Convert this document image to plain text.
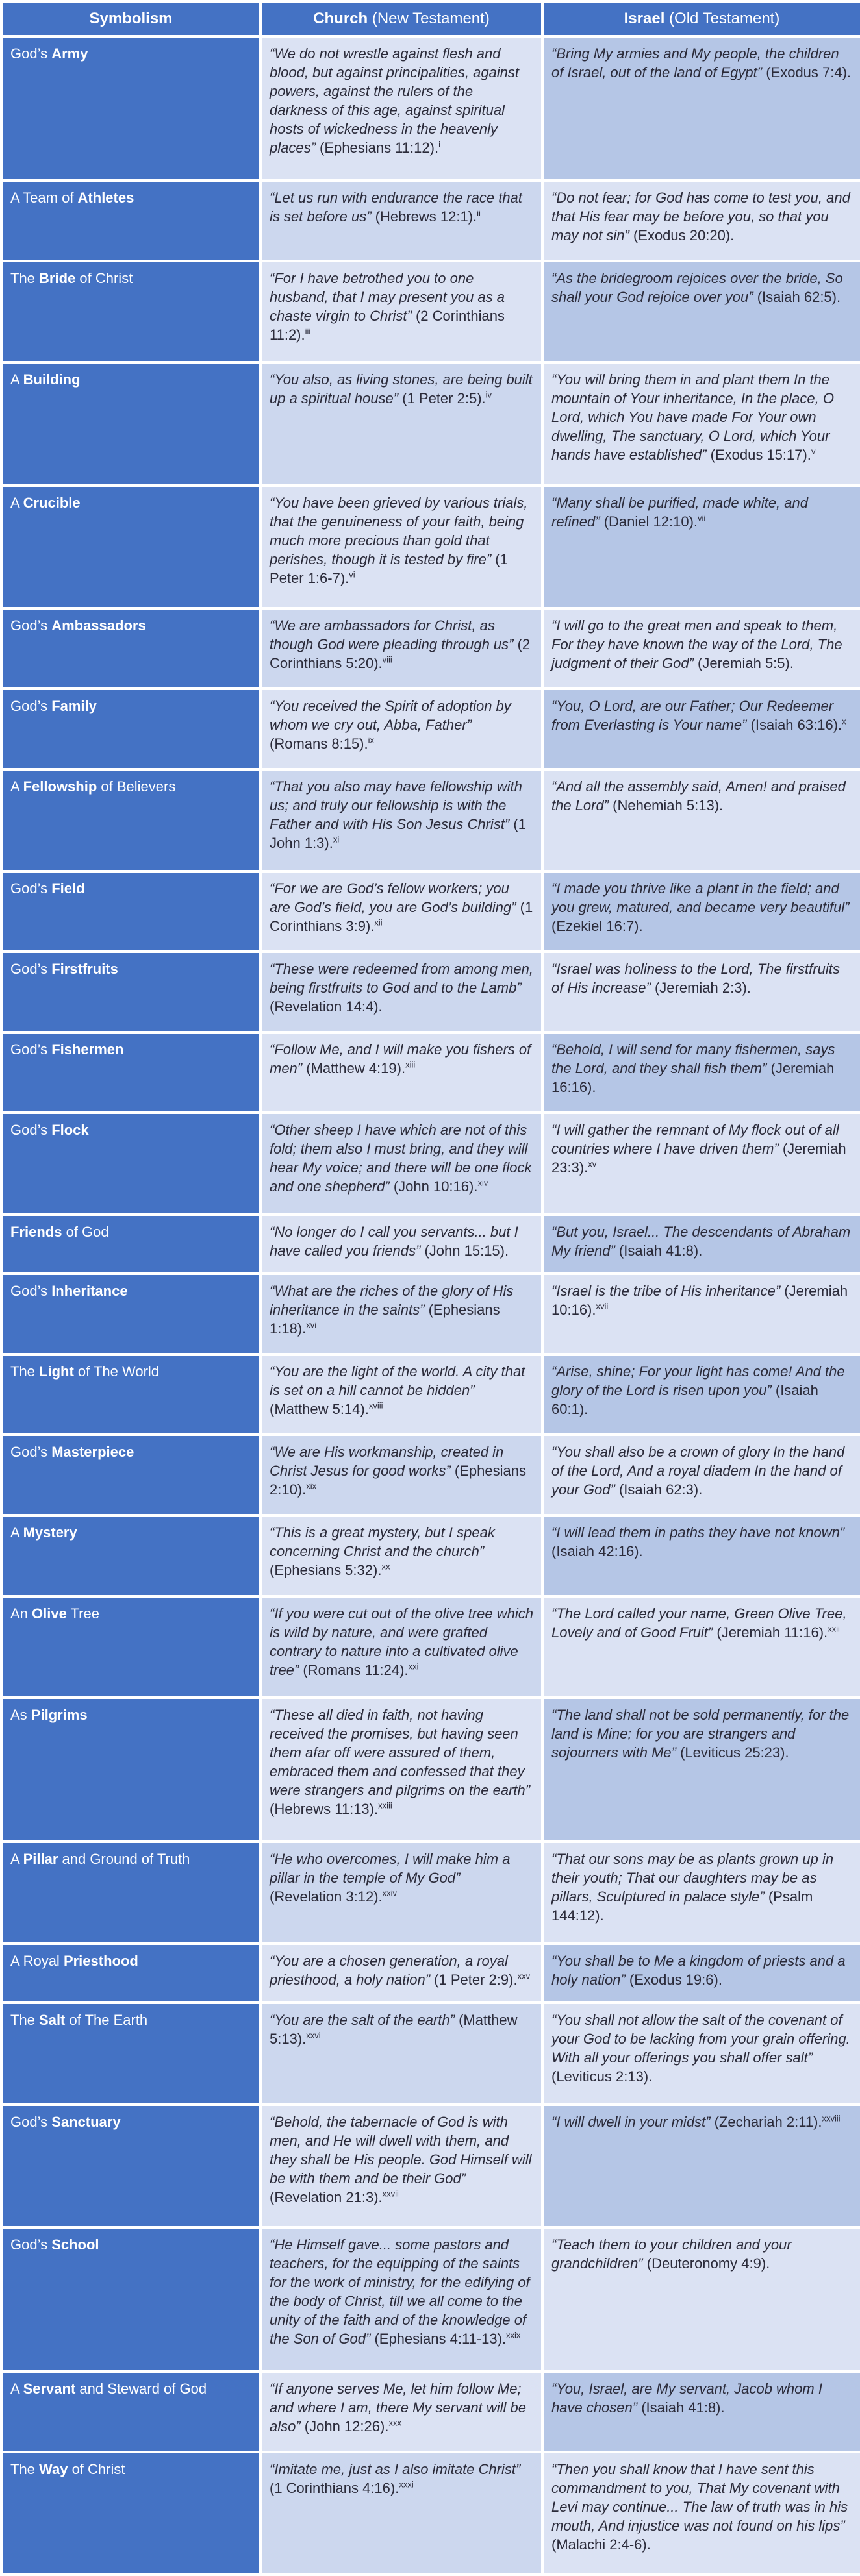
Symbolism	Church (New Testament)	Israel (Old Testament)
God’s Army	“We do not wrestle against flesh and blood, but against principalities, against powers, against the rulers of the darkness of this age, against spiritual hosts of wickedness in the heavenly places” (Ephesians 11:12).$^i$	“Bring My armies and My people, the children of Israel, out of the land of Egypt” (Exodus 7:4).
A Team of Athletes	“Let us run with endurance the race that is set before us” (Hebrews 12:1).$^{ii}$	“Do not fear; for God has come to test you, and that His fear may be before you, so that you may not sin” (Exodus 20:20).
The Bride of Christ	“For I have betrothed you to one husband, that I may present you as a chaste virgin to Christ” (2 Corinthians 11:2).$^{iii}$	“As the bridegroom rejoices over the bride, So shall your God rejoice over you” (Isaiah 62:5).
A Building	“You also, as living stones, are being built up a spiritual house” (1 Peter 2:5).$^{iv}$	“You will bring them in and plant them In the mountain of Your inheritance, In the place, O Lord, which You have made For Your own dwelling, The sanctuary, O Lord, which Your hands have established” (Exodus 15:17).$^v$
A Crucible	“You have been grieved by various trials, that the genuineness of your faith, being much more precious than gold that perishes, though it is tested by fire” (1 Peter 1:6-7).$^{vi}$	“Many shall be purified, made white, and refined” (Daniel 12:10).$^{vii}$
God’s Ambassadors	“We are ambassadors for Christ, as though God were pleading through us” (2 Corinthians 5:20).$^{viii}$	“I will go to the great men and speak to them, For they have known the way of the Lord, The judgment of their God” (Jeremiah 5:5).
God’s Family	“You received the Spirit of adoption by whom we cry out, Abba, Father” (Romans 8:15).$^{ix}$	“You, O Lord, are our Father; Our Redeemer from Everlasting is Your name” (Isaiah 63:16).$^x$
A Fellowship of Believers	“That you also may have fellowship with us; and truly our fellowship is with the Father and with His Son Jesus Christ” (1 John 1:3).$^{xi}$	“And all the assembly said, Amen! and praised the Lord” (Nehemiah 5:13).
God’s Field	“For we are God’s fellow workers; you are God’s field, you are God’s building” (1 Corinthians 3:9).$^{xii}$	“I made you thrive like a plant in the field; and you grew, matured, and became very beautiful” (Ezekiel 16:7).
God’s Firstfruits	“These were redeemed from among men, being firstfruits to God and to the Lamb” (Revelation 14:4).	“Israel was holiness to the Lord, The firstfruits of His increase” (Jeremiah 2:3).
God’s Fishermen	“Follow Me, and I will make you fishers of men” (Matthew 4:19).$^{xiii}$	“Behold, I will send for many fishermen, says the Lord, and they shall fish them” (Jeremiah 16:16).
God’s Flock	“Other sheep I have which are not of this fold; them also I must bring, and they will hear My voice; and there will be one flock and one shepherd” (John 10:16).$^{xiv}$	“I will gather the remnant of My flock out of all countries where I have driven them” (Jeremiah 23:3).$^{xv}$
Friends of God	“No longer do I call you servants... but I have called you friends” (John 15:15).	“But you, Israel... The descendants of Abraham My friend” (Isaiah 41:8).
God’s Inheritance	“What are the riches of the glory of His inheritance in the saints” (Ephesians 1:18).$^{xvi}$	“Israel is the tribe of His inheritance” (Jeremiah 10:16).$^{xvii}$
The Light of The World	“You are the light of the world. A city that is set on a hill cannot be hidden” (Matthew 5:14).$^{xviii}$	“Arise, shine; For your light has come! And the glory of the Lord is risen upon you” (Isaiah 60:1).
God’s Masterpiece	“We are His workmanship, created in Christ Jesus for good works” (Ephesians 2:10).$^{xix}$	“You shall also be a crown of glory In the hand of the Lord, And a royal diadem In the hand of your God” (Isaiah 62:3).
A Mystery	“This is a great mystery, but I speak concerning Christ and the church” (Ephesians 5:32).$^{xx}$	“I will lead them in paths they have not known” (Isaiah 42:16).
An Olive Tree	“If you were cut out of the olive tree which is wild by nature, and were grafted contrary to nature into a cultivated olive tree” (Romans 11:24).$^{xxi}$	“The Lord called your name, Green Olive Tree, Lovely and of Good Fruit” (Jeremiah 11:16).$^{xxii}$
As Pilgrims	“These all died in faith, not having received the promises, but having seen them afar off were assured of them, embraced them and confessed that they were strangers and pilgrims on the earth” (Hebrews 11:13).$^{xxiii}$	“The land shall not be sold permanently, for the land is Mine; for you are strangers and sojourners with Me” (Leviticus 25:23).
A Pillar and Ground of Truth	“He who overcomes, I will make him a pillar in the temple of My God” (Revelation 3:12).$^{xxiv}$	“That our sons may be as plants grown up in their youth; That our daughters may be as pillars, Sculptured in palace style” (Psalm 144:12).
A Royal Priesthood	“You are a chosen generation, a royal priesthood, a holy nation” (1 Peter 2:9).$^{xxv}$	“You shall be to Me a kingdom of priests and a holy nation” (Exodus 19:6).
The Salt of The Earth	“You are the salt of the earth” (Matthew 5:13).$^{xxvi}$	“You shall not allow the salt of the covenant of your God to be lacking from your grain offering. With all your offerings you shall offer salt” (Leviticus 2:13).
God’s Sanctuary	“Behold, the tabernacle of God is with men, and He will dwell with them, and they shall be His people. God Himself will be with them and be their God” (Revelation 21:3).$^{xxvii}$	“I will dwell in your midst” (Zechariah 2:11).$^{xxviii}$
God’s School	“He Himself gave... some pastors and teachers, for the equipping of the saints for the work of ministry, for the edifying of the body of Christ, till we all come to the unity of the faith and of the knowledge of the Son of God” (Ephesians 4:11-13).$^{xxix}$	“Teach them to your children and your grandchildren” (Deuteronomy 4:9).
A Servant and Steward of God	“If anyone serves Me, let him follow Me; and where I am, there My servant will be also” (John 12:26).$^{xxx}$	“You, Israel, are My servant, Jacob whom I have chosen” (Isaiah 41:8).
The Way of Christ	“Imitate me, just as I also imitate Christ” (1 Corinthians 4:16).$^{xxxi}$	“Then you shall know that I have sent this commandment to you, That My covenant with Levi may continue... The law of truth was in his mouth, And injustice was not found on his lips” (Malachi 2:4-6).
